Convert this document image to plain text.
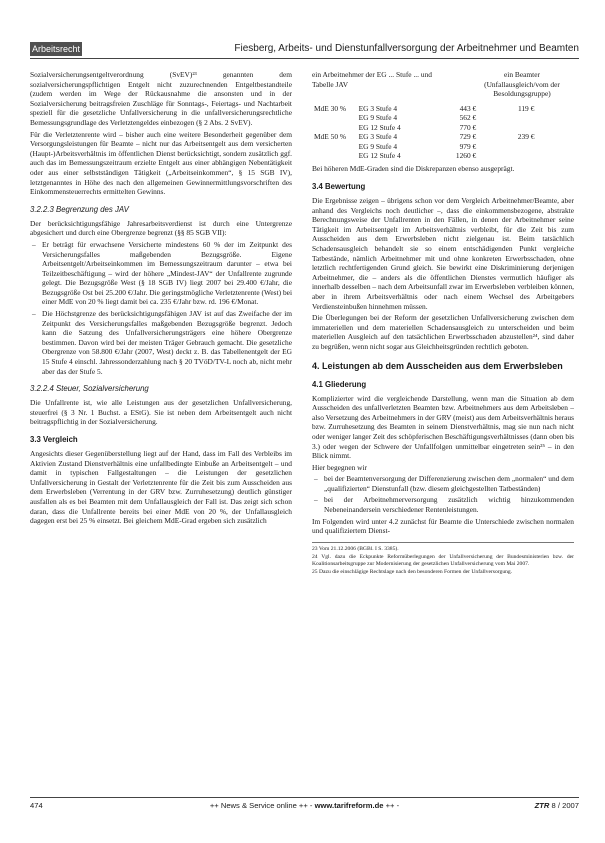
Arbeitsrecht	Fiesberg, Arbeits- und Dienstunfallversorgung der Arbeitnehmer und Beamten

Sozialversicherungsentgeltverordnung (SvEV)²³ genannten dem sozialversicherungspflichtigen Entgelt nicht zuzurechnenden Entgeltbestandteile (zudem werden im Wege der Rückausnahme die ansonsten und in der Sozialversicherung beitragsfreien Zuschläge für Sonntags-, Feiertags- und Nachtarbeit speziell für die gesetzliche Unfallversicherung in die unfallversicherungsrechtliche Bemessungsgrundlage des Verletztengeldes einbezogen (§ 2 Abs. 2 SvEV).

Für die Verletztenrente wird – bisher auch eine weitere Besonderheit gegenüber dem Versorgungsleistungen für Beamte – nicht nur das Arbeitsentgelt aus dem versicherten (Haupt-)Arbeitsverhältnis im öffentlichen Dienst berücksichtigt, sondern zusätzlich ggf. auch das im Bemessungszeitraum erzielte Entgelt aus einer abhängigen Nebentätigkeit oder aus einer selbstständigen Tätigkeit („Arbeitseinkommen“, § 15 SGB IV), letztgenanntes in Höhe des nach den allgemeinen Gewinnermittlungsvorschriften des Einkommensteuerrechts ermittelten Gewinns.

3.2.2.3 Begrenzung des JAV

Der berücksichtigungsfähige Jahresarbeitsverdienst ist durch eine Untergrenze abgesichert und durch eine Obergrenze begrenzt (§§ 85 SGB VII):

– Er beträgt für erwachsene Versicherte mindestens 60 % der im Zeitpunkt des Versicherungsfalles maßgebenden Bezugsgröße. Eigene Arbeitsentgelt/Arbeitseinkommen im Bemessungszeitraum darunter – etwa bei Teilzeitbeschäftigung – wird der höhere „Mindest-JAV“ der Unfallrente zugrunde gelegt. Die Bezugsgröße West (§ 18 SGB IV) liegt 2007 bei 29.400 €/Jahr, die Bezugsgröße Ost bei 25.200 €/Jahr. Die geringstmögliche Verletztenrente (West) bei einer MdE von 20 % liegt damit bei ca. 235 €/Jahr bzw. rd. 196 €/Monat.
– Die Höchstgrenze des berücksichtigungsfähigen JAV ist auf das Zweifache der im Zeitpunkt des Versicherungsfalles maßgebenden Bezugsgröße begrenzt. Jedoch kann die Satzung des Unfallversicherungsträgers eine höhere Obergrenze bestimmen. Davon wird bei der meisten Träger Gebrauch gemacht. Die gesetzliche Obergrenze von 58.800 €/Jahr (2007, West) deckt z. B. das Tabellenentgelt der EG 15 Stufe 4 einschl. Jahressonderzahlung nach § 20 TVöD/TV-L noch ab, nicht mehr aber das der Stufe 5.
3.2.2.4 Steuer, Sozialversicherung

Die Unfallrente ist, wie alle Leistungen aus der gesetzlichen Unfallversicherung, steuerfrei (§ 3 Nr. 1 Buchst. a EStG). Sie ist neben dem Arbeitsentgelt auch nicht beitragspflichtig in der Sozialversicherung.

3.3 Vergleich

Angesichts dieser Gegenüberstellung liegt auf der Hand, dass im Fall des Verbleibs im Aktivien Zustand Dienstverhältnis eine unfallbedingte Einbuße an Arbeitsentgelt – und damit in typischen Fallgestaltungen – die Leistungen der gesetzlichen Unfallversicherung in Gestalt der Verletztenrente für die Zeit bis zum Ausscheiden aus dem Erwerbsleben (Verrentung in der GRV bzw. Zurruhesetzung) deutlich günstiger ausfallen als es bei Beamten mit dem Unfallausgleich der Fall ist. Das zeigt sich schon daran, dass die Unfallrente bereits bei einer MdE von 20 %, der Unfallausgleich dagegen erst bei 25 % einsetzt. Bei gleichem MdE-Grad ergeben sich zusätzlich

ein Arbeitnehmer der EG ... Stufe ... und Tabelle JAV
ein Beamter (Unfallausgleich/vom der Besoldungsgruppe)
MdE 30 %	EG 3 Stufe 4	443 €	119 €
	EG 9 Stufe 4	562 €	
	EG 12 Stufe 4	770 €	
MdE 50 %	EG 3 Stufe 4	729 €	239 €
	EG 9 Stufe 4	979 €	
	EG 12 Stufe 4	1260 €	

Bei höheren MdE-Graden sind die Diskrepanzen ebenso ausgeprägt.

3.4 Bewertung

Die Ergebnisse zeigen – übrigens schon vor dem Vergleich Arbeitnehmer/Beamte, aber anhand des Vergleichs noch deutlicher –, dass die einkommensbezogene, abstrakte Berechnungsweise der Unfallrenten in den Fällen, in denen der Arbeitnehmer seine Tätigkeit im Arbeitsentgelt im Arbeitsverhältnis verbleibt, für die Zeit bis zum Ausscheiden aus dem Erwerbsleben nicht zielgenau ist. Beim tatsächlich Schadensausgleich behandelt sie so einem entschädigenden Punkt vergleiche Tatbestände, nämlich Arbeitnehmer mit und ohne konkreten Erwerbsschaden, ohne letztlich rechtfertigenden Grund gleich. Sie bewirkt eine Diskriminierung derjenigen Arbeitnehmer, die – anders als die öffentlichen Dienstes vermutlich häufiger als innerhalb desselben – nach dem Arbeitsunfall zwar im Erwerbsleben verbleiben können, aber in ihrem Arbeitsverhältnis oder nach einem Wechsel des Arbeitgebers Verdiensteinbußen hinnehmen müssen.

Die Überlegungen bei der Reform der gesetzlichen Unfallversicherung zwischen dem immateriellen und dem materiellen Schadensausgleich zu unterscheiden und beim materiellen Ausgleich auf den tatsächlichen Erwerbsschaden abzustellen²⁴, sind daher zu begrüßen, wenn nicht sogar aus Gleichheitsgründen rechtlich geboten.

4. Leistungen ab dem Ausscheiden aus dem Erwerbsleben
4.1 Gliederung

Komplizierter wird die vergleichende Darstellung, wenn man die Situation ab dem Ausscheiden des unfallverletzten Beamten bzw. Arbeitnehmers aus dem Arbeitsleben – also Versetzung des Arbeitnehmers in der GRV (meist) aus dem Arbeitsverhältnis heraus bzw. Zurruhesetzung des Beamten in seinem Dienstverhältnis, mag sie nun nach nicht oder weniger langer Zeit des schöpferischen Beschäftigungsverhältnisses (dann oben bis 3.) oder wegen der Schwere der Unfallfolgen unmittelbar eingetreten sein²⁵ – in den Blick nimmt.

Hier begegnen wir

– bei der Beamtenversorgung der Differenzierung zwischen dem „normalen“ und dem „qualifizierten“ Dienstunfall (bzw. diesem gleichgestellten Tatbeständen)
– bei der Arbeitnehmerversorgung zusätzlich wichtig hinzukommenden Nebeneinandersein verschiedener Rentenleistungen.

Im Folgenden wird unter 4.2 zunächst für Beamte die Unterschiede zwischen normalen und qualifiziertem Dienst-

23 Vom 21.12.2006 (BGBl. I S. 3385).
24 Vgl. dazu die Eckpunkte Reformüberlegungen der Unfallversicherung der Bundesministerien bzw. der Koalitionsarbeitsgruppe zur Modernisierung der gesetzlichen Unfallversicherung vom Mai 2007.
25 Dazu die einschlägige Rechtslage nach den besonderen Formen der Unfallversorgung.
474	++ News & Service online ++ - www.tarifreform.de ++ -	ZTR 8 / 2007
